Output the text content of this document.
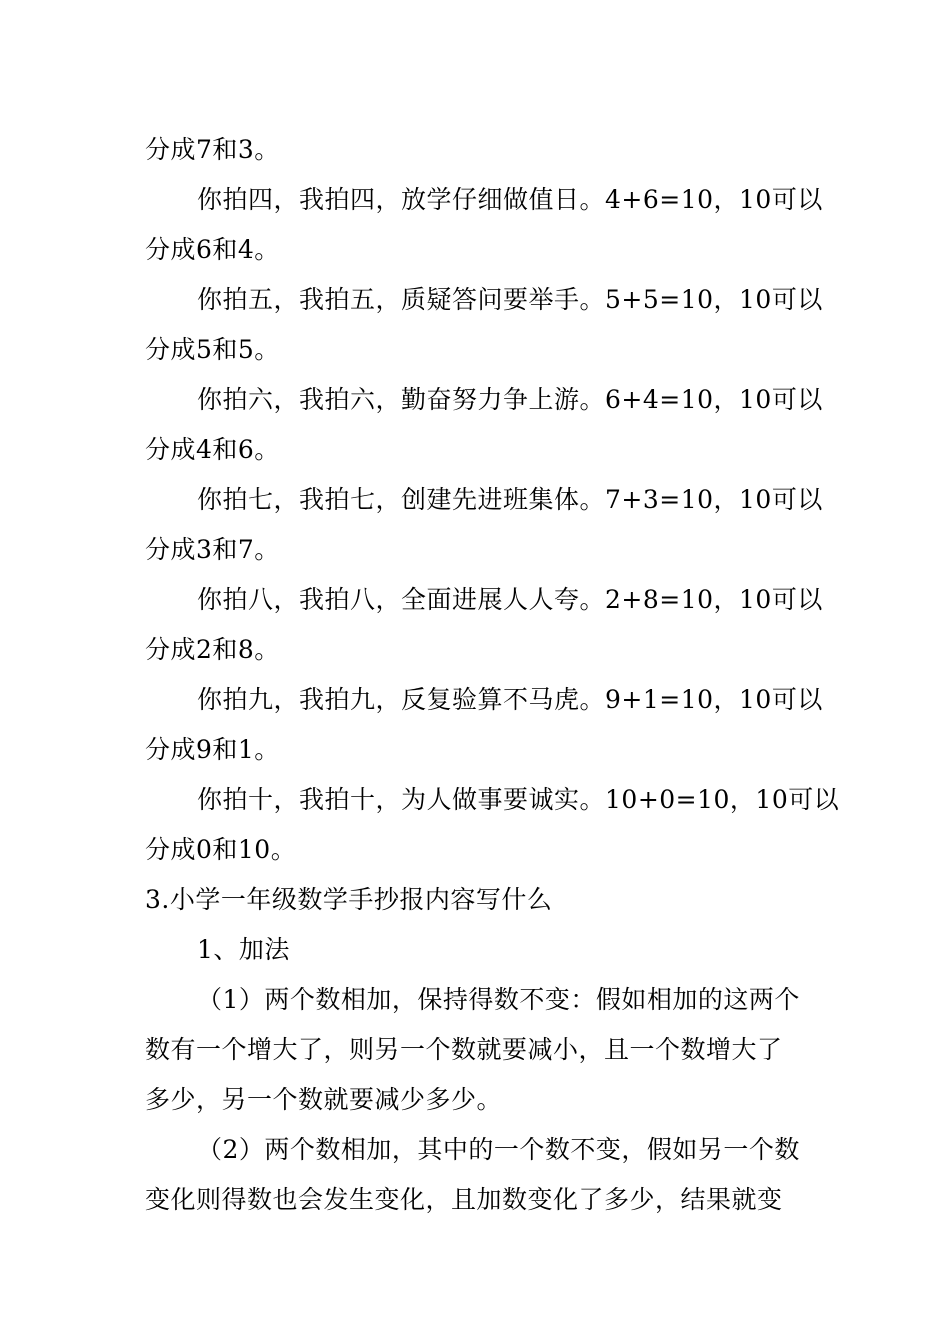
分成7和3。
你拍四，我拍四，放学仔细做值日。4+6=10，10可以
分成6和4。
你拍五，我拍五，质疑答问要举手。5+5=10，10可以
分成5和5。
你拍六，我拍六，勤奋努力争上游。6+4=10，10可以
分成4和6。
你拍七，我拍七，创建先进班集体。7+3=10，10可以
分成3和7。
你拍八，我拍八，全面进展人人夸。2+8=10，10可以
分成2和8。
你拍九，我拍九，反复验算不马虎。9+1=10，10可以
分成9和1。
你拍十，我拍十，为人做事要诚实。10+0=10，10可以
分成0和10。
3.小学一年级数学手抄报内容写什么
1、加法
（1）两个数相加，保持得数不变：假如相加的这两个
数有一个增大了，则另一个数就要减小，且一个数增大了
多少，另一个数就要减少多少。
（2）两个数相加，其中的一个数不变，假如另一个数
变化则得数也会发生变化，且加数变化了多少，结果就变
